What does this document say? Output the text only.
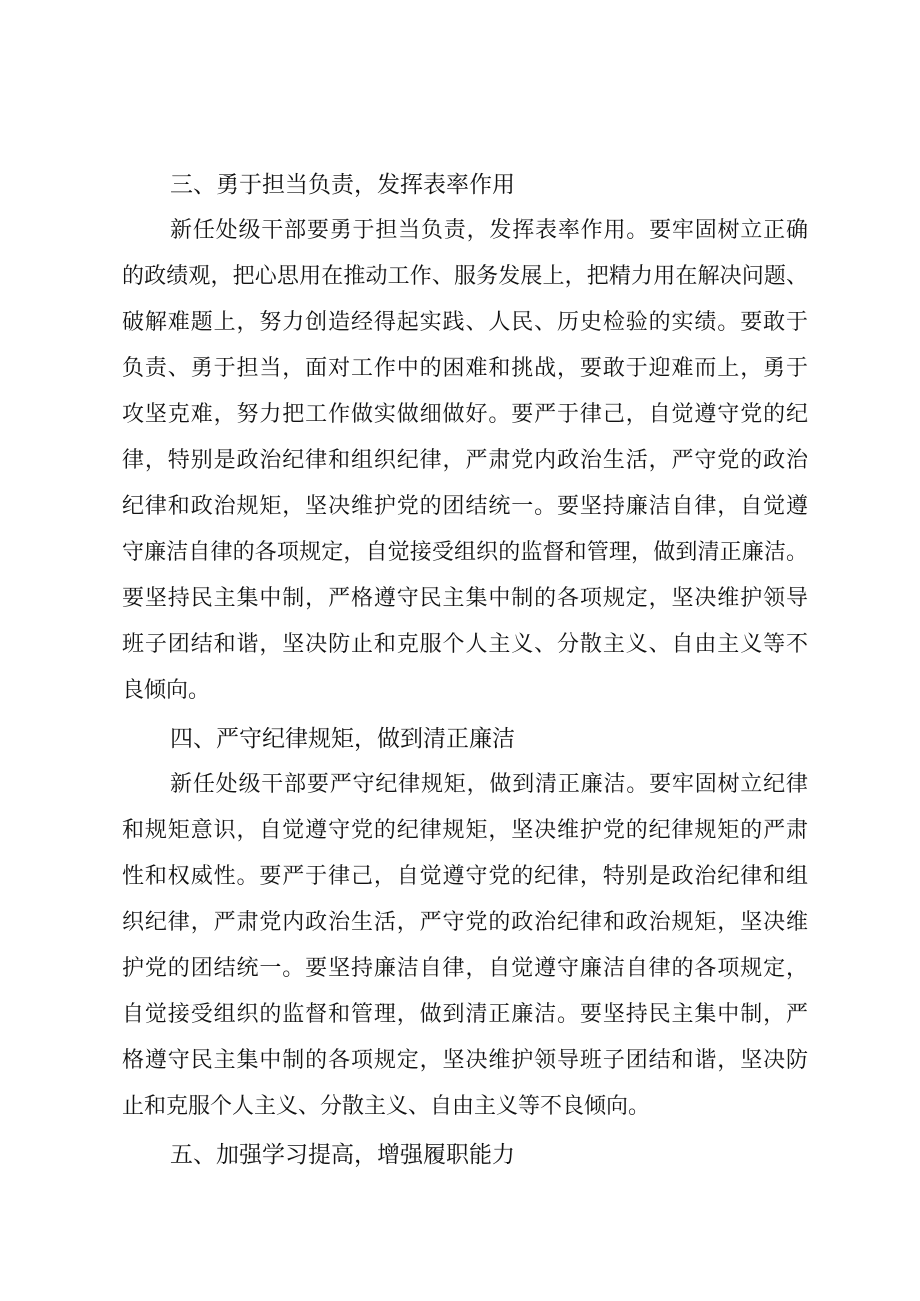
三、勇于担当负责，发挥表率作用
新任处级干部要勇于担当负责，发挥表率作用。要牢固树立正确
的政绩观，把心思用在推动工作、服务发展上，把精力用在解决问题、
破解难题上，努力创造经得起实践、人民、历史检验的实绩。要敢于
负责、勇于担当，面对工作中的困难和挑战，要敢于迎难而上，勇于
攻坚克难，努力把工作做实做细做好。要严于律己，自觉遵守党的纪
律，特别是政治纪律和组织纪律，严肃党内政治生活，严守党的政治
纪律和政治规矩，坚决维护党的团结统一。要坚持廉洁自律，自觉遵
守廉洁自律的各项规定，自觉接受组织的监督和管理，做到清正廉洁。
要坚持民主集中制，严格遵守民主集中制的各项规定，坚决维护领导
班子团结和谐，坚决防止和克服个人主义、分散主义、自由主义等不
良倾向。
四、严守纪律规矩，做到清正廉洁
新任处级干部要严守纪律规矩，做到清正廉洁。要牢固树立纪律
和规矩意识，自觉遵守党的纪律规矩，坚决维护党的纪律规矩的严肃
性和权威性。要严于律己，自觉遵守党的纪律，特别是政治纪律和组
织纪律，严肃党内政治生活，严守党的政治纪律和政治规矩，坚决维
护党的团结统一。要坚持廉洁自律，自觉遵守廉洁自律的各项规定，
自觉接受组织的监督和管理，做到清正廉洁。要坚持民主集中制，严
格遵守民主集中制的各项规定，坚决维护领导班子团结和谐，坚决防
止和克服个人主义、分散主义、自由主义等不良倾向。
五、加强学习提高，增强履职能力
